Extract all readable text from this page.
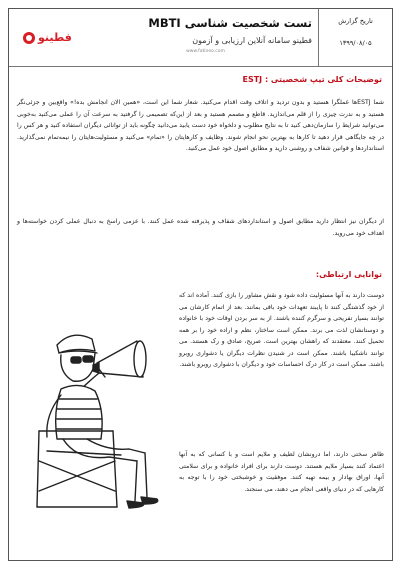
تاریخ گزارش
۱۳۹۹/۰۸/۰۵
تست شخصیت شناسی MBTI
فطینو سامانه آنلاین ارزیابی و آزمون
www.fatineo.com
فطینو
توضیحات کلی تیپ شخصیتی : ESTJ

شما ESTJها عملگرا هستید و بدون تردید و اتلاف وقت اقدام می‌کنید. شعار شما این است، «همین الان انجامش بده!» واقع‌بین و جزئی‌نگر هستید و به ندرت چیزی را از قلم می‌اندازید. قاطع و مصمم هستید و بعد از این‌که تصمیمی را گرفتید به سرعت آن را عملی می‌کنید به‌خوبی می‌توانید شرایط را سازمان‌دهی کنید تا به نتایج مطلوب و دلخواه خود دست یابید می‌دانید چگونه باید از توانائی دیگران استفاده کنید و هر کس را در چه جایگاهی قرار دهید تا کارها به بهترین نحو انجام شوند. وظایف و کارهایتان را «تمام» می‌کنید و مسئولیت‌هایتان را نیمه‌تمام نمی‌گذارید. استانداردها و قوانین شفاف و روشنی دارید و مطابق اصول خود عمل می‌کنید.

از دیگران نیز انتظار دارید مطابق اصول و استانداردهای شفاف و پذیرفته شده عمل کنند. با عزمی راسخ به دنبال عملی کردن خواسته‌ها و اهداف خود می‌روید.

توانایی ارتباطی:

دوست دارند به آنها مسئولیت داده شود و نقش مشاور را بازی کنند. آماده اند که از خود گذشتگی کنند تا پایبند تعهدات خود باقی بمانند. بعد از اتمام کارشان می توانند بسیار تفریحی و سرگرم کننده باشند. از به سر بردن اوقات خود با خانواده و دوستانشان لذت می برند. ممکن است ساختار، نظم و اراده خود را بر همه تحمیل کنند. معتقدند که راهشان بهترین است. صریح، صادق و رک هستند. می توانند ناشکیبا باشند. ممکن است در شنیدن نظرات دیگران یا دشواری روبرو باشند. ممکن است در کار درک احساسات خود و دیگران با دشواری روبرو باشند.

ظاهر سختی دارند، اما درونشان لطیف و ملایم است و با کسانی که به آنها اعتماد کنند بسیار ملایم هستند. دوست دارند برای افراد خانواده و برای سلامتی آنها، اوراق بهادار و بیمه تهیه کنند. موفقیت و خوشبختی خود را با توجه به کارهایی که در دنیای واقعی انجام می دهند، می سنجند.
